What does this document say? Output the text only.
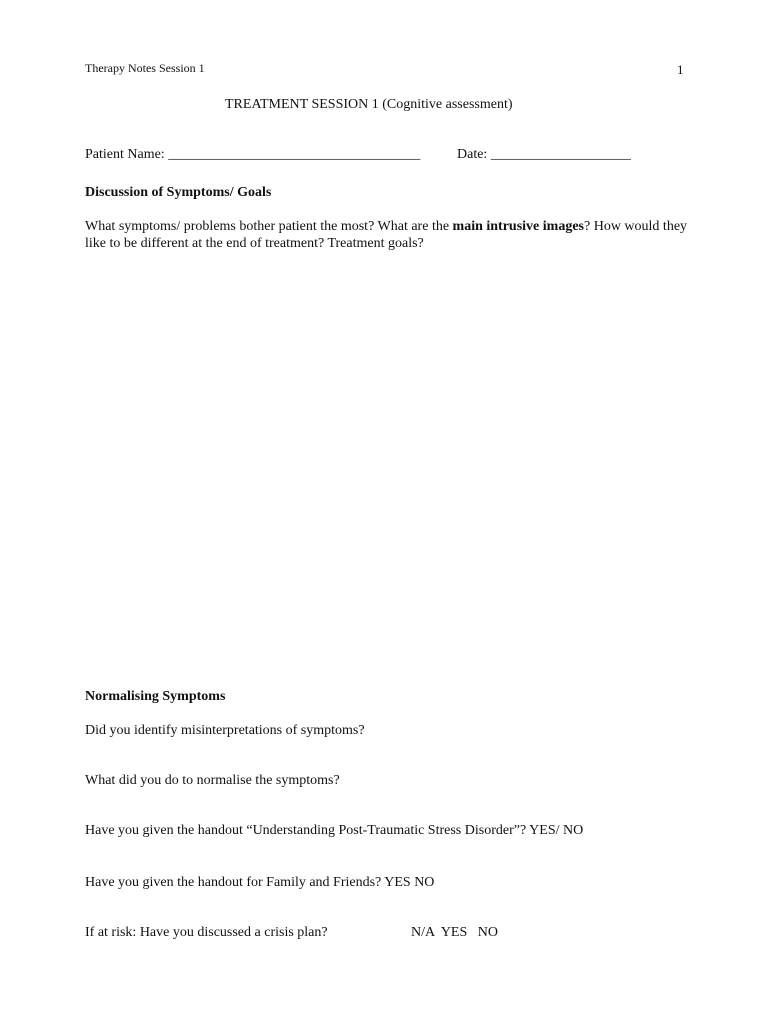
Therapy Notes Session 1	1
TREATMENT SESSION 1 (Cognitive assessment)
Patient Name: ____________________________________	Date: ____________________
Discussion of Symptoms/ Goals
What symptoms/ problems bother patient the most? What are the main intrusive images? How would they like to be different at the end of treatment? Treatment goals?
Normalising Symptoms
Did you identify misinterpretations of symptoms?
What did you do to normalise the symptoms?
Have you given the handout “Understanding Post-Traumatic Stress Disorder”? YES/ NO
Have you given the handout for Family and Friends? YES NO
If at risk: Have you discussed a crisis plan?	N/A  YES   NO
